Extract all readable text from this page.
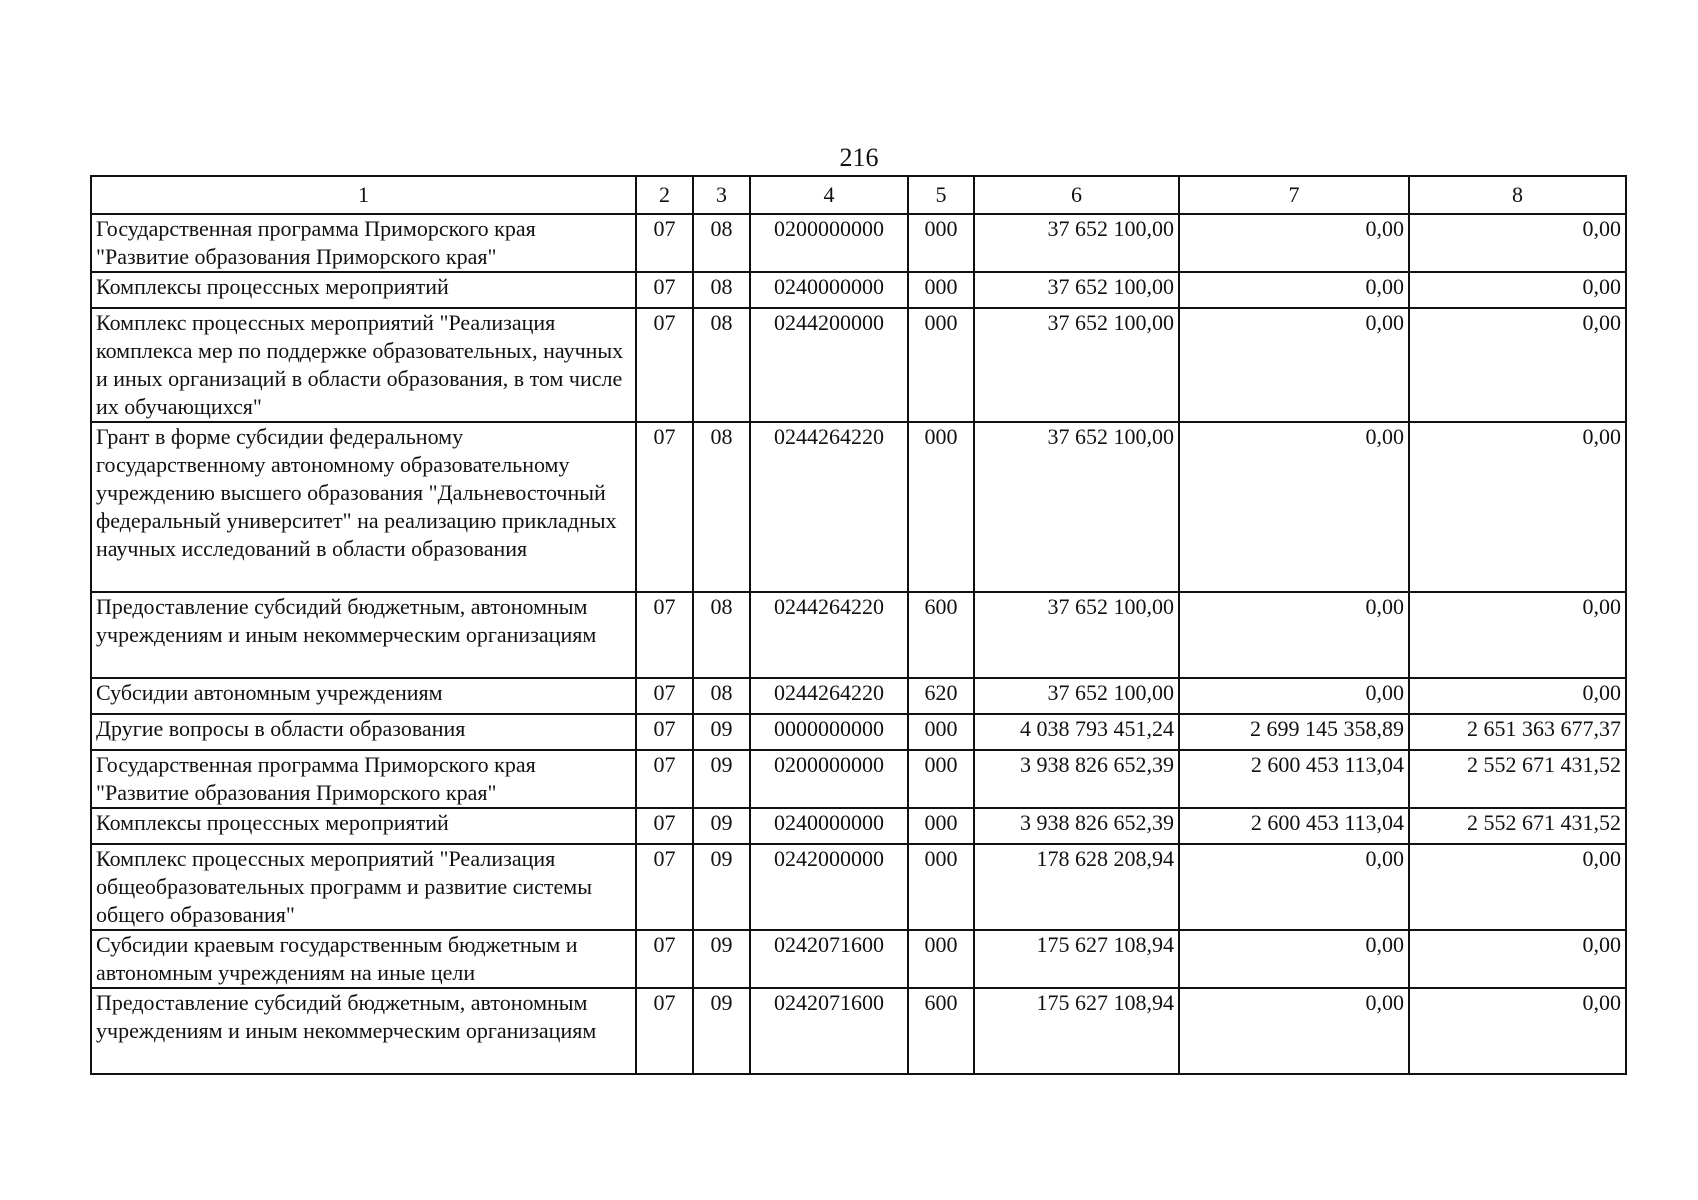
216
1	2	3	4	5	6	7	8
Государственная программа Приморского края "Развитие образования Приморского края"	07	08	0200000000	000	37 652 100,00	0,00	0,00
Комплексы процессных мероприятий	07	08	0240000000	000	37 652 100,00	0,00	0,00
Комплекс процессных мероприятий "Реализация комплекса мер по поддержке образовательных, научных и иных организаций в области образования, в том числе их обучающихся"	07	08	0244200000	000	37 652 100,00	0,00	0,00
Грант в форме субсидии федеральному государственному автономному образовательному учреждению высшего образования "Дальневосточный федеральный университет" на реализацию прикладных научных исследований в области образования	07	08	0244264220	000	37 652 100,00	0,00	0,00
Предоставление субсидий бюджетным, автономным учреждениям и иным некоммерческим организациям	07	08	0244264220	600	37 652 100,00	0,00	0,00
Субсидии автономным учреждениям	07	08	0244264220	620	37 652 100,00	0,00	0,00
Другие вопросы в области образования	07	09	0000000000	000	4 038 793 451,24	2 699 145 358,89	2 651 363 677,37
Государственная программа Приморского края "Развитие образования Приморского края"	07	09	0200000000	000	3 938 826 652,39	2 600 453 113,04	2 552 671 431,52
Комплексы процессных мероприятий	07	09	0240000000	000	3 938 826 652,39	2 600 453 113,04	2 552 671 431,52
Комплекс процессных мероприятий "Реализация общеобразовательных программ и развитие системы общего образования"	07	09	0242000000	000	178 628 208,94	0,00	0,00
Субсидии краевым государственным бюджетным и автономным учреждениям на иные цели	07	09	0242071600	000	175 627 108,94	0,00	0,00
Предоставление субсидий бюджетным, автономным учреждениям и иным некоммерческим организациям	07	09	0242071600	600	175 627 108,94	0,00	0,00
